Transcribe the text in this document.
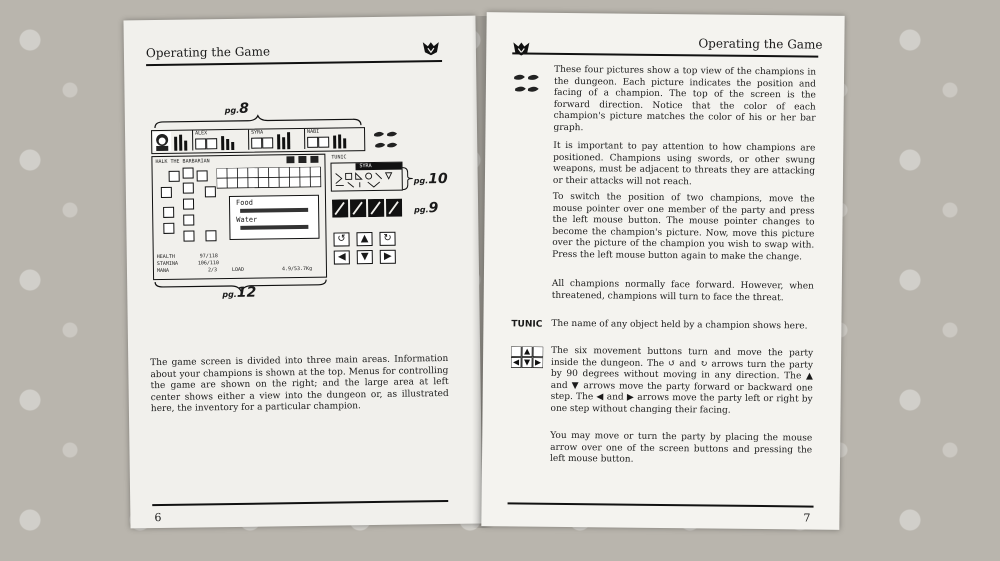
Operating the Game
pg.8
ALEX	SYRA	NABI
HALK THE BARBARIAN
Food
Water
HEALTH	97/118
STAMINA	106/110
MANA	2/3	LOAD	4.9/53.7Kg
TUNIC
SYRA
pg.10
pg.9
↺	▲	↻
◀	▼	▶
pg.12
The game screen is divided into three main areas. Information about your champions is shown at the top. Menus for controlling the game are shown on the right; and the large area at left center shows either a view into the dungeon or, as illustrated here, the inventory for a particular champion.
6
Operating the Game
These four pictures show a top view of the champions in the dungeon. Each picture indicates the position and facing of a champion. The top of the screen is the forward direction. Notice that the color of each champion's picture matches the color of his or her bar graph.
It is important to pay attention to how champions are positioned. Champions using swords, or other swung weapons, must be adjacent to threats they are attacking or their attacks will not reach.
To switch the position of two champions, move the mouse pointer over one member of the party and press the left mouse button. The mouse pointer changes to become the champion's picture. Now, move this picture over the picture of the champion you wish to swap with. Press the left mouse button again to make the change.
All champions normally face forward. However, when threatened, champions will turn to face the threat.
TUNIC The name of any object held by a champion shows here.
The six movement buttons turn and move the party inside the dungeon. The ↺ and ↻ arrows turn the party by 90 degrees without moving in any direction. The ▲ and ▼ arrows move the party forward or backward one step. The ◀ and ▶ arrows move the party left or right by one step without changing their facing.
You may move or turn the party by placing the mouse arrow over one of the screen buttons and pressing the left mouse button.
7
